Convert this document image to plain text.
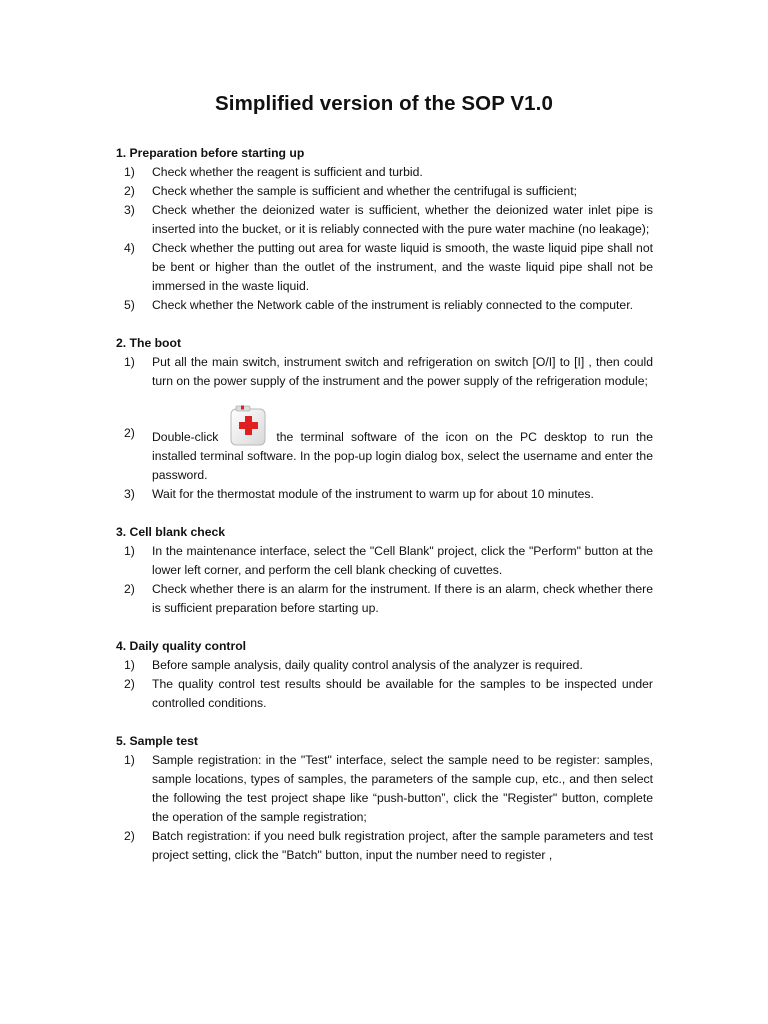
Simplified version of the SOP V1.0
1. Preparation before starting up
1) Check whether the reagent is sufficient and turbid.
2) Check whether the sample is sufficient and whether the centrifugal is sufficient;
3) Check whether the deionized water is sufficient, whether the deionized water inlet pipe is inserted into the bucket, or it is reliably connected with the pure water machine (no leakage);
4) Check whether the putting out area for waste liquid is smooth, the waste liquid pipe shall not be bent or higher than the outlet of the instrument, and the waste liquid pipe shall not be immersed in the waste liquid.
5) Check whether the Network cable of the instrument is reliably connected to the computer.
2. The boot
1) Put all the main switch, instrument switch and refrigeration on switch [O/I] to [I] , then could turn on the power supply of the instrument and the power supply of the refrigeration module;
2) Double-click	the terminal software of the icon on the PC desktop to run the
installed terminal software. In the pop-up login dialog box, select the username and enter the password.
3) Wait for the thermostat module of the instrument to warm up for about 10 minutes.
3. Cell blank check
1) In the maintenance interface, select the "Cell Blank" project, click the "Perform" button at the lower left corner, and perform the cell blank checking of cuvettes.
2) Check whether there is an alarm for the instrument. If there is an alarm, check whether there is sufficient preparation before starting up.
4. Daily quality control
1) Before sample analysis, daily quality control analysis of the analyzer is required.
2) The quality control test results should be available for the samples to be inspected under controlled conditions.
5. Sample test
1) Sample registration: in the "Test" interface, select the sample need to be register: samples, sample locations, types of samples, the parameters of the sample cup, etc., and then select the following the test project shape like “push-button”, click the "Register" button, complete the operation of the sample registration;
2) Batch registration: if you need bulk registration project, after the sample parameters and test project setting, click the "Batch" button, input the number need to register ,
